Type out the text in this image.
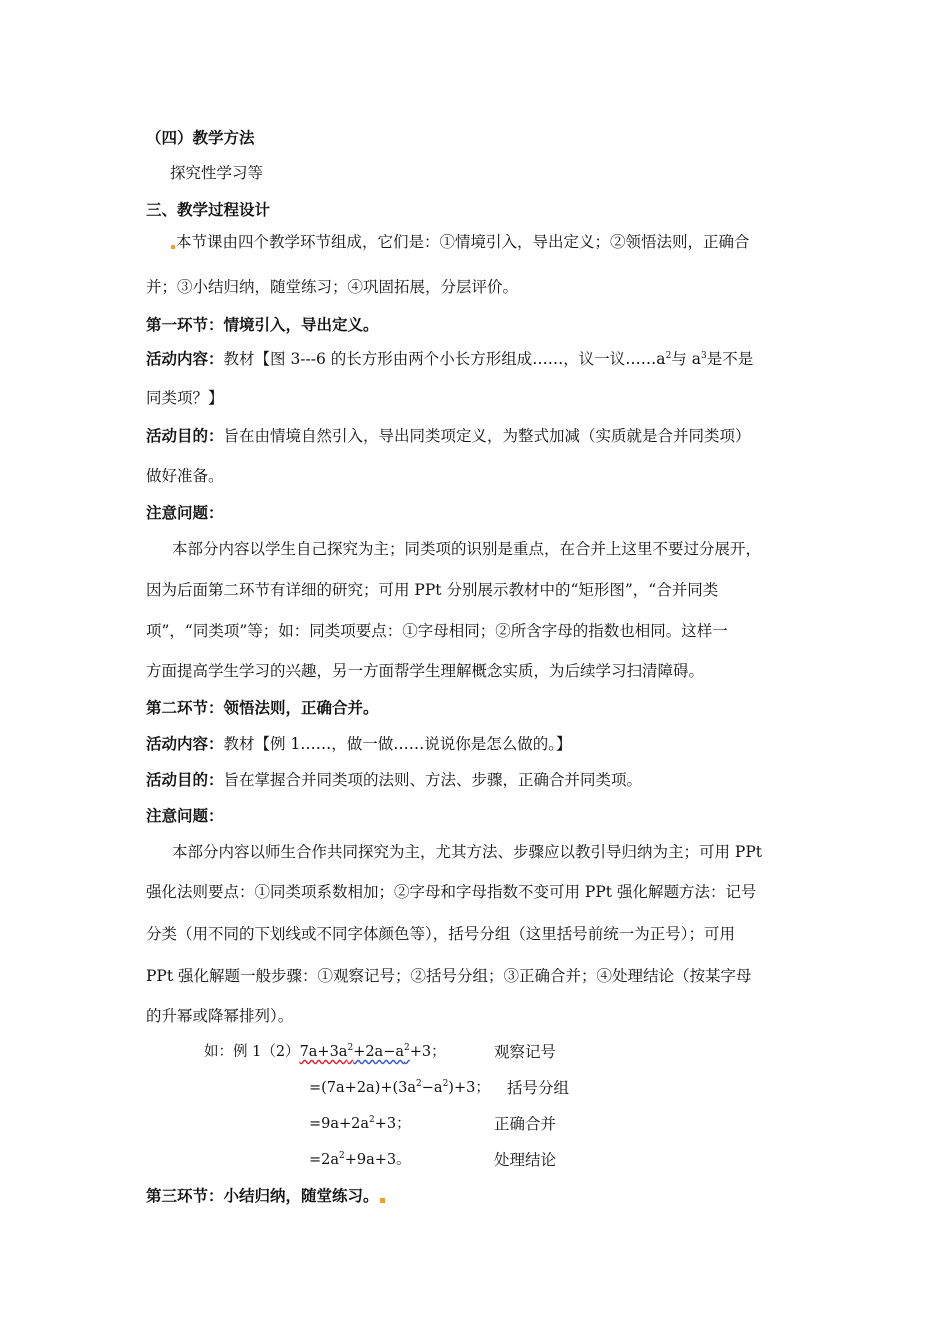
（四）教学方法
探究性学习等
三、教学过程设计
本节课由四个教学环节组成，它们是：①情境引入，导出定义；②领悟法则，正确合
并；③小结归纳，随堂练习；④巩固拓展，分层评价。
第一环节：情境引入，导出定义。
活动内容：教材【图 3---6 的长方形由两个小长方形组成……，议一议$\dots\dots a^2$与 $a^3$是不是
同类项？】
活动目的：旨在由情境自然引入，导出同类项定义，为整式加减（实质就是合并同类项）
做好准备。
注意问题：
本部分内容以学生自己探究为主；同类项的识别是重点，在合并上这里不要过分展开，
因为后面第二环节有详细的研究；可用 PPt 分别展示教材中的“矩形图”，“合并同类
项”，“同类项”等；如：同类项要点：①字母相同；②所含字母的指数也相同。这样一
方面提高学生学习的兴趣，另一方面帮学生理解概念实质，为后续学习扫清障碍。
第二环节：领悟法则，正确合并。
活动内容：教材【例 1……，做一做……说说你是怎么做的。】
活动目的：旨在掌握合并同类项的法则、方法、步骤，正确合并同类项。
注意问题：
本部分内容以师生合作共同探究为主，尤其方法、步骤应以教引导归纳为主；可用 PPt
强化法则要点：①同类项系数相加；②字母和字母指数不变可用 PPt 强化解题方法：记号
分类（用不同的下划线或不同字体颜色等），括号分组（这里括号前统一为正号）；可用
PPt 强化解题一般步骤：①观察记号；②括号分组；③正确合并；④处理结论（按某字母
的升幂或降幂排列）。
如：例 $1(2)7a+3a^2+2a-a^2+3$；	观察记号
$=(7a+2a)+(3a^2-a^2)+3$； 括号分组
$=9a+2a^2+3$；	正确合并
$=2a^2+9a+3$。	处理结论
第三环节：小结归纳，随堂练习。
